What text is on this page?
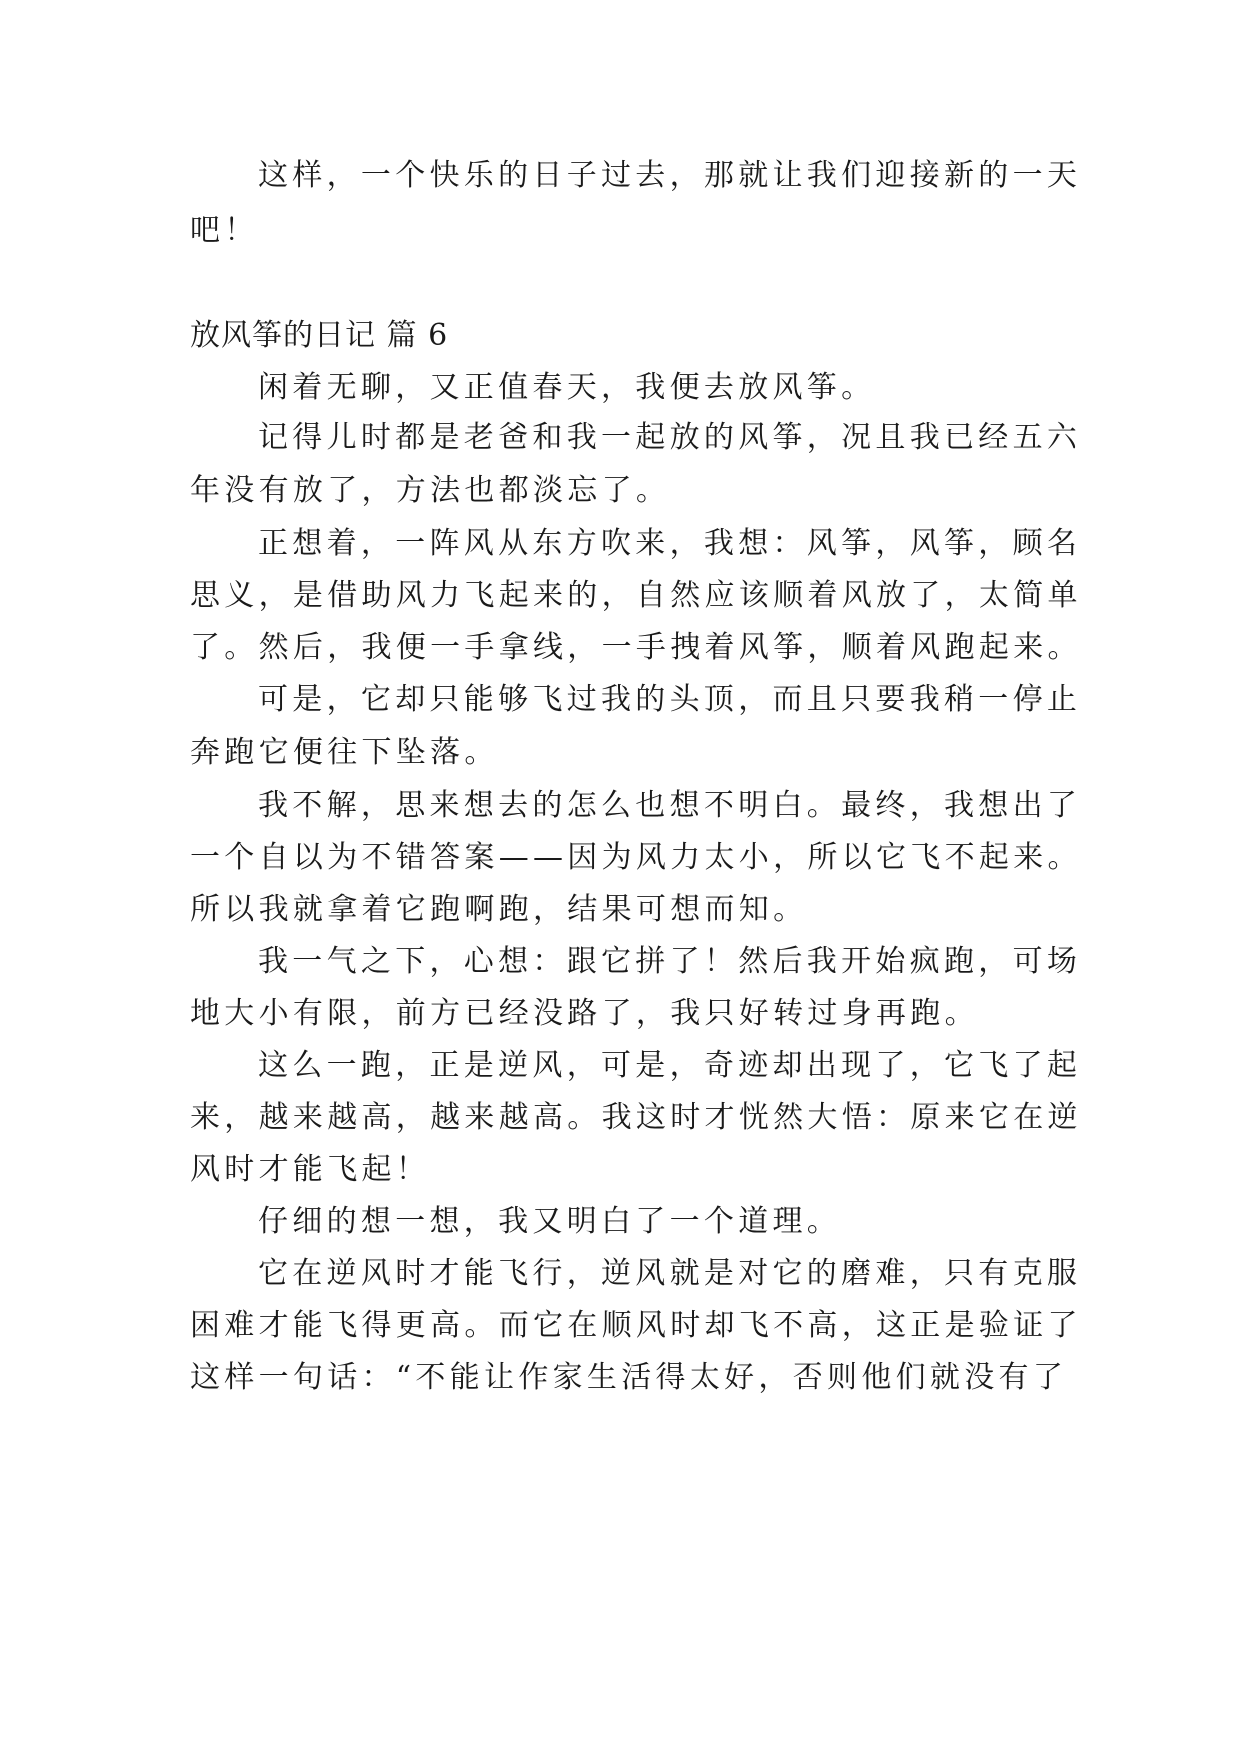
这样，一个快乐的日子过去，那就让我们迎接新的一天
吧！
放风筝的日记 篇 6
闲着无聊，又正值春天，我便去放风筝。
记得儿时都是老爸和我一起放的风筝，况且我已经五六
年没有放了，方法也都淡忘了。
正想着，一阵风从东方吹来，我想：风筝，风筝，顾名
思义，是借助风力飞起来的，自然应该顺着风放了，太简单
了。然后，我便一手拿线，一手拽着风筝，顺着风跑起来。
可是，它却只能够飞过我的头顶，而且只要我稍一停止
奔跑它便往下坠落。
我不解，思来想去的怎么也想不明白。最终，我想出了
一个自以为不错答案——因为风力太小，所以它飞不起来。
所以我就拿着它跑啊跑，结果可想而知。
我一气之下，心想：跟它拼了！然后我开始疯跑，可场
地大小有限，前方已经没路了，我只好转过身再跑。
这么一跑，正是逆风，可是，奇迹却出现了，它飞了起
来，越来越高，越来越高。我这时才恍然大悟：原来它在逆
风时才能飞起！
仔细的想一想，我又明白了一个道理。
它在逆风时才能飞行，逆风就是对它的磨难，只有克服
困难才能飞得更高。而它在顺风时却飞不高，这正是验证了
这样一句话：“不能让作家生活得太好，否则他们就没有了
